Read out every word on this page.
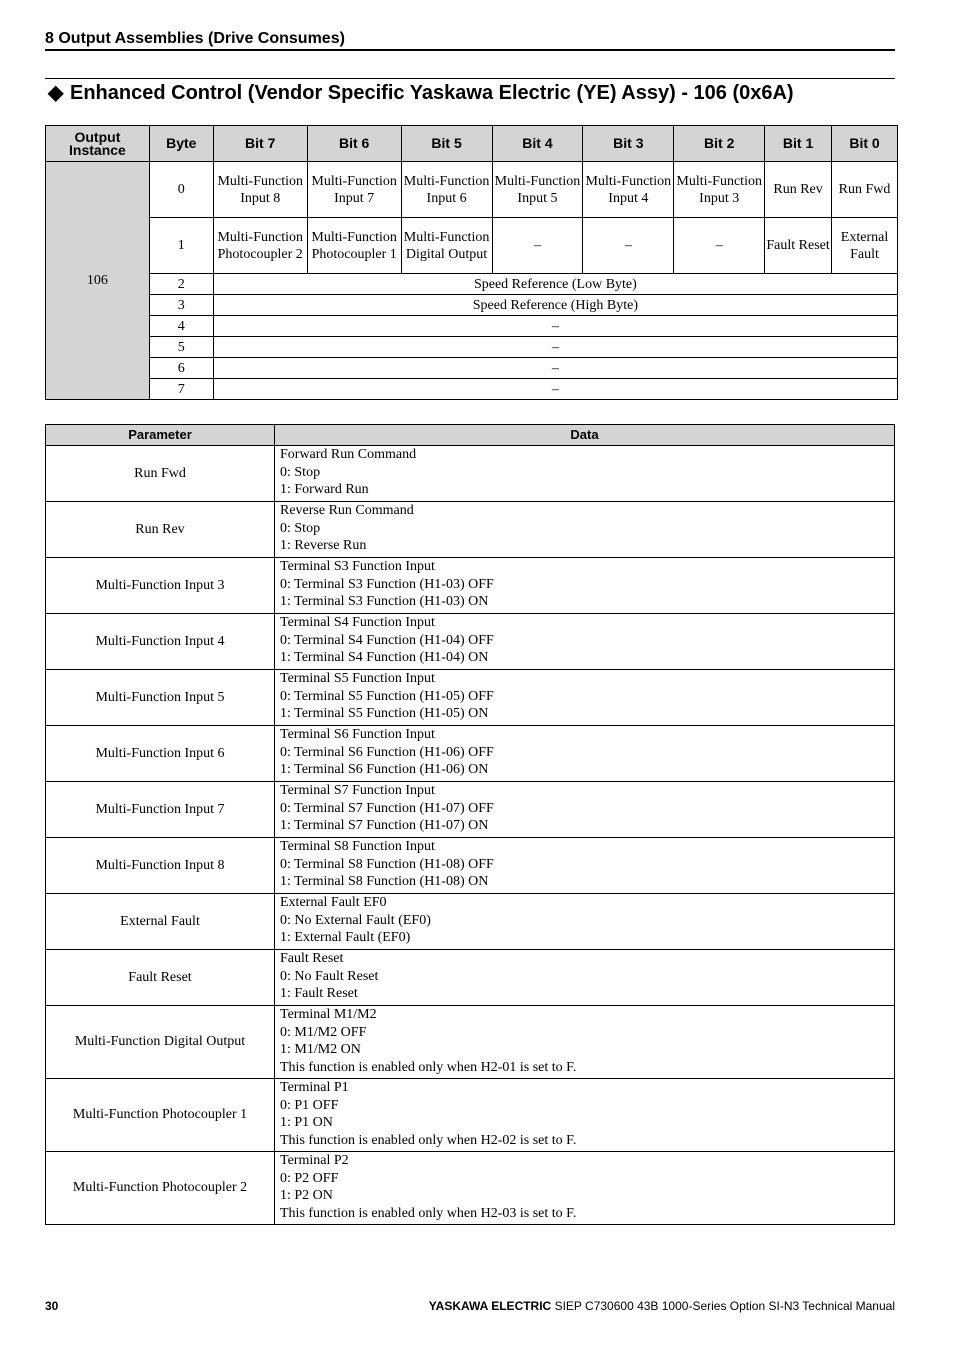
8 Output Assemblies (Drive Consumes)
◆ Enhanced Control (Vendor Specific Yaskawa Electric (YE) Assy) - 106 (0x6A)
Output Instance	Byte	Bit 7	Bit 6	Bit 5	Bit 4	Bit 3	Bit 2	Bit 1	Bit 0
106	0	Multi-Function Input 8	Multi-Function Input 7	Multi-Function Input 6	Multi-Function Input 5	Multi-Function Input 4	Multi-Function Input 3	Run Rev	Run Fwd
	1	Multi-Function Photocoupler 2	Multi-Function Photocoupler 1	Multi-Function Digital Output	–	–	–	Fault Reset	External Fault
	2	Speed Reference (Low Byte)							
	3	Speed Reference (High Byte)							
	4	–							
	5	–							
	6	–							
	7	–							
Parameter	Data
Run Fwd	Forward Run Command
0: Stop
1: Forward Run

Run Rev	Reverse Run Command
0: Stop
1: Reverse Run

Multi-Function Input 3	Terminal S3 Function Input
0: Terminal S3 Function (H1-03) OFF
1: Terminal S3 Function (H1-03) ON

Multi-Function Input 4	Terminal S4 Function Input
0: Terminal S4 Function (H1-04) OFF
1: Terminal S4 Function (H1-04) ON

Multi-Function Input 5	Terminal S5 Function Input
0: Terminal S5 Function (H1-05) OFF
1: Terminal S5 Function (H1-05) ON

Multi-Function Input 6	Terminal S6 Function Input
0: Terminal S6 Function (H1-06) OFF
1: Terminal S6 Function (H1-06) ON

Multi-Function Input 7	Terminal S7 Function Input
0: Terminal S7 Function (H1-07) OFF
1: Terminal S7 Function (H1-07) ON

Multi-Function Input 8	Terminal S8 Function Input
0: Terminal S8 Function (H1-08) OFF
1: Terminal S8 Function (H1-08) ON

External Fault	External Fault EF0
0: No External Fault (EF0)
1: External Fault (EF0)

Fault Reset	Fault Reset
0: No Fault Reset
1: Fault Reset

Multi-Function Digital Output	Terminal M1/M2
0: M1/M2 OFF
1: M1/M2 ON
This function is enabled only when H2-01 is set to F.

Multi-Function Photocoupler 1	Terminal P1
0: P1 OFF
1: P1 ON
This function is enabled only when H2-02 is set to F.

Multi-Function Photocoupler 2	Terminal P2
0: P2 OFF
1: P2 ON
This function is enabled only when H2-03 is set to F.
30	YASKAWA ELECTRIC SIEP C730600 43B 1000-Series Option SI-N3 Technical Manual
